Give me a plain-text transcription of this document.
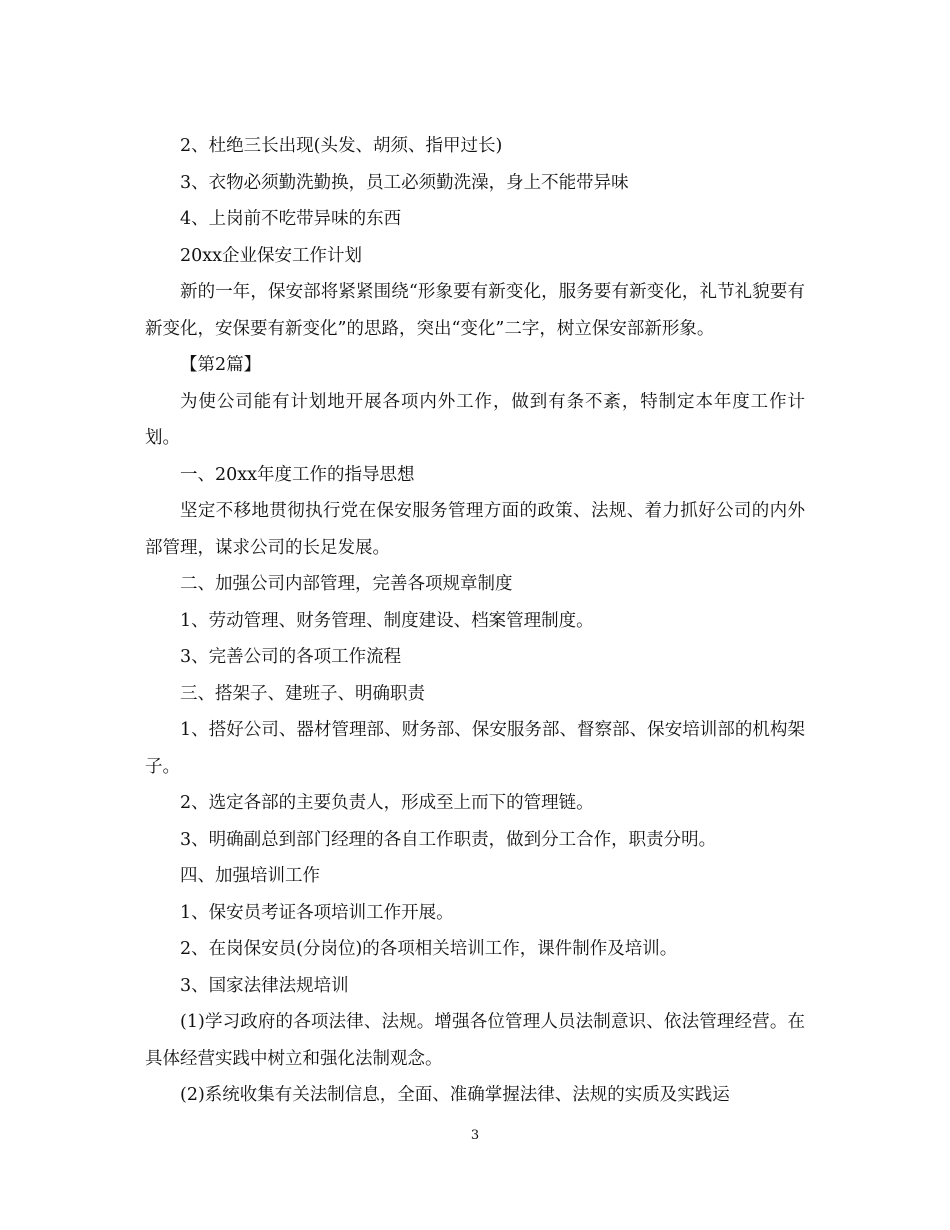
2、杜绝三长出现(头发、胡须、指甲过长)

3、衣物必须勤洗勤换，员工必须勤洗澡，身上不能带异味

4、上岗前不吃带异味的东西

20xx企业保安工作计划

新的一年，保安部将紧紧围绕“形象要有新变化，服务要有新变化，礼节礼貌要有新变化，安保要有新变化”的思路，突出“变化”二字，树立保安部新形象。

【第2篇】

为使公司能有计划地开展各项内外工作，做到有条不紊，特制定本年度工作计划。

一、20xx年度工作的指导思想

坚定不移地贯彻执行党在保安服务管理方面的政策、法规、着力抓好公司的内外部管理，谋求公司的长足发展。

二、加强公司内部管理，完善各项规章制度

1、劳动管理、财务管理、制度建设、档案管理制度。

3、完善公司的各项工作流程

三、搭架子、建班子、明确职责

1、搭好公司、器材管理部、财务部、保安服务部、督察部、保安培训部的机构架子。

2、选定各部的主要负责人，形成至上而下的管理链。

3、明确副总到部门经理的各自工作职责，做到分工合作，职责分明。

四、加强培训工作

1、保安员考证各项培训工作开展。

2、在岗保安员(分岗位)的各项相关培训工作，课件制作及培训。

3、国家法律法规培训

(1)学习政府的各项法律、法规。增强各位管理人员法制意识、依法管理经营。在具体经营实践中树立和强化法制观念。

(2)系统收集有关法制信息，全面、准确掌握法律、法规的实质及实践运

3
